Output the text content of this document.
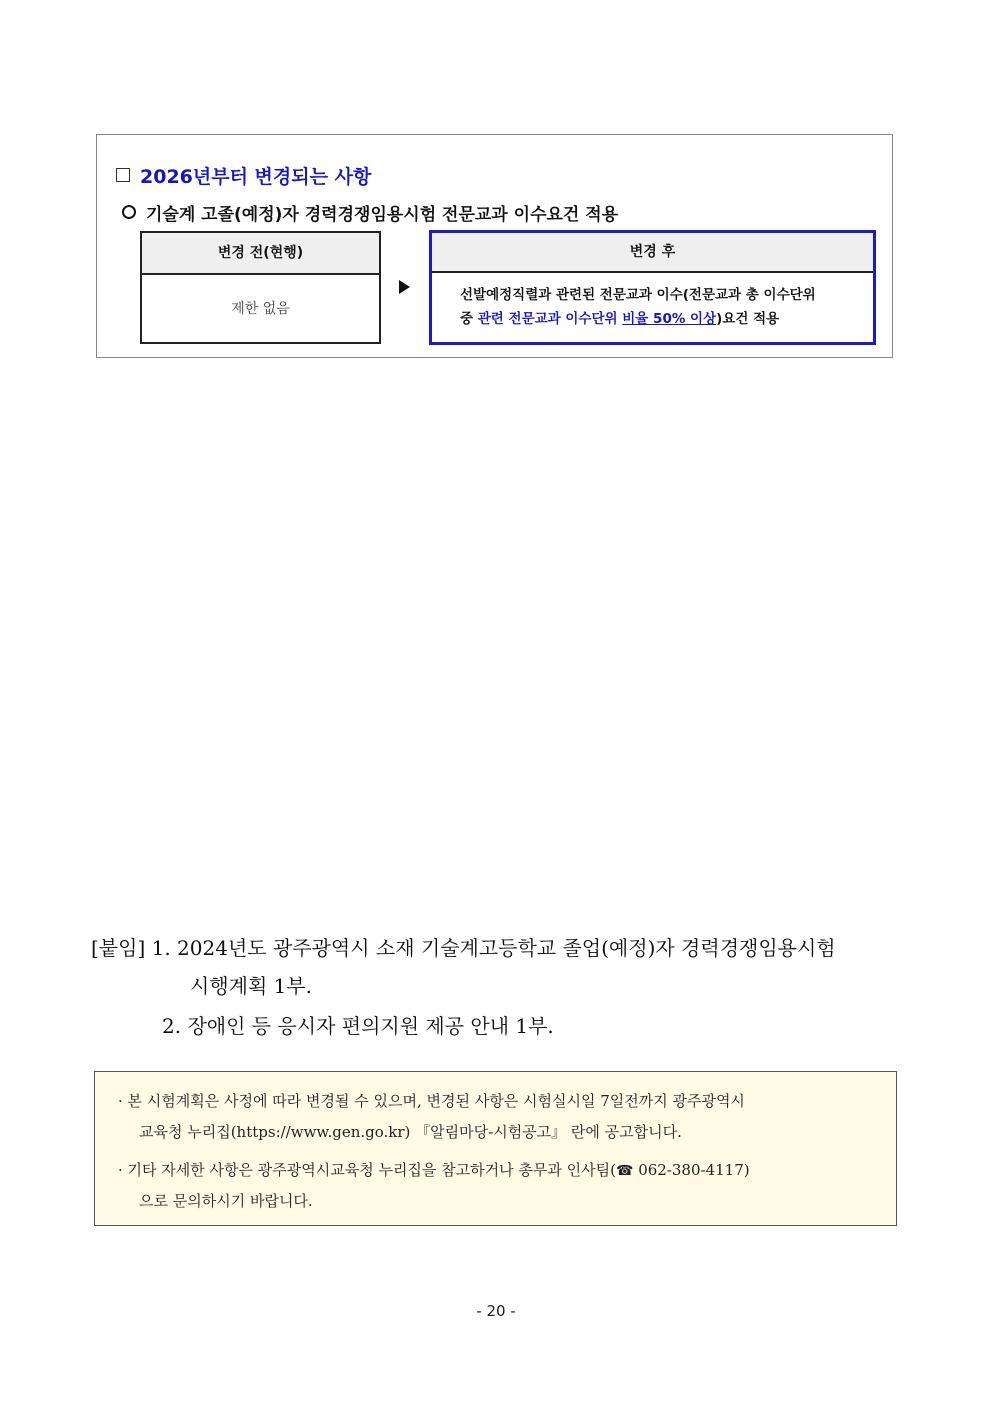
2026년부터 변경되는 사항
기술계 고졸(예정)자 경력경쟁임용시험 전문교과 이수요건 적용
변경 전(현행)
제한 없음
변경 후
선발예정직렬과 관련된 전문교과 이수(전문교과 총 이수단위
중 관련 전문교과 이수단위 비율 50% 이상)요건 적용
[붙임] 1. 2024년도 광주광역시 소재 기술계고등학교 졸업(예정)자 경력경쟁임용시험
시행계획 1부.
2. 장애인 등 응시자 편의지원 제공 안내 1부.
· 본 시험계획은 사정에 따라 변경될 수 있으며, 변경된 사항은 시험실시일 7일전까지 광주광역시
교육청 누리집(https://www.gen.go.kr) 『알림마당-시험공고』 란에 공고합니다.
· 기타 자세한 사항은 광주광역시교육청 누리집을 참고하거나 총무과 인사팀(☎ 062-380-4117)
으로 문의하시기 바랍니다.
- 20 -
